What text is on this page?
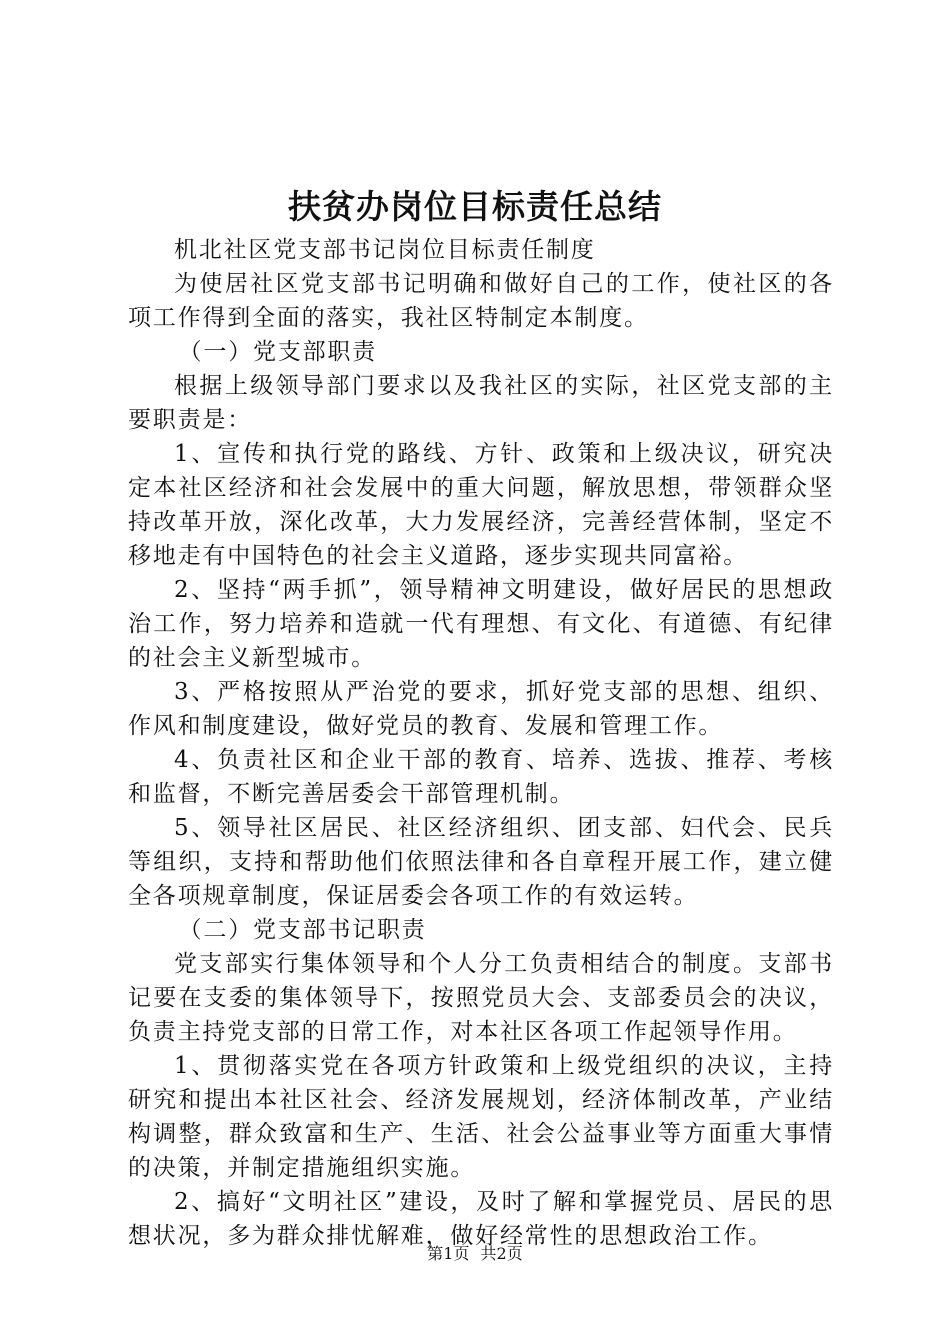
扶贫办岗位目标责任总结

机北社区党支部书记岗位目标责任制度

为使居社区党支部书记明确和做好自己的工作，使社区的各项工作得到全面的落实，我社区特制定本制度。

（一）党支部职责

根据上级领导部门要求以及我社区的实际，社区党支部的主要职责是：

1、宣传和执行党的路线、方针、政策和上级决议，研究决定本社区经济和社会发展中的重大问题，解放思想，带领群众坚持改革开放，深化改革，大力发展经济，完善经营体制，坚定不移地走有中国特色的社会主义道路，逐步实现共同富裕。

2、坚持“两手抓”，领导精神文明建设，做好居民的思想政治工作，努力培养和造就一代有理想、有文化、有道德、有纪律的社会主义新型城市。

3、严格按照从严治党的要求，抓好党支部的思想、组织、作风和制度建设，做好党员的教育、发展和管理工作。

4、负责社区和企业干部的教育、培养、选拔、推荐、考核和监督，不断完善居委会干部管理机制。

5、领导社区居民、社区经济组织、团支部、妇代会、民兵等组织，支持和帮助他们依照法律和各自章程开展工作，建立健全各项规章制度，保证居委会各项工作的有效运转。

（二）党支部书记职责

党支部实行集体领导和个人分工负责相结合的制度。支部书记要在支委的集体领导下，按照党员大会、支部委员会的决议，负责主持党支部的日常工作，对本社区各项工作起领导作用。

1、贯彻落实党在各项方针政策和上级党组织的决议，主持研究和提出本社区社会、经济发展规划，经济体制改革，产业结构调整，群众致富和生产、生活、社会公益事业等方面重大事情的决策，并制定措施组织实施。

2、搞好“文明社区”建设，及时了解和掌握党员、居民的思想状况，多为群众排忧解难，做好经常性的思想政治工作。

第1页 共2页
